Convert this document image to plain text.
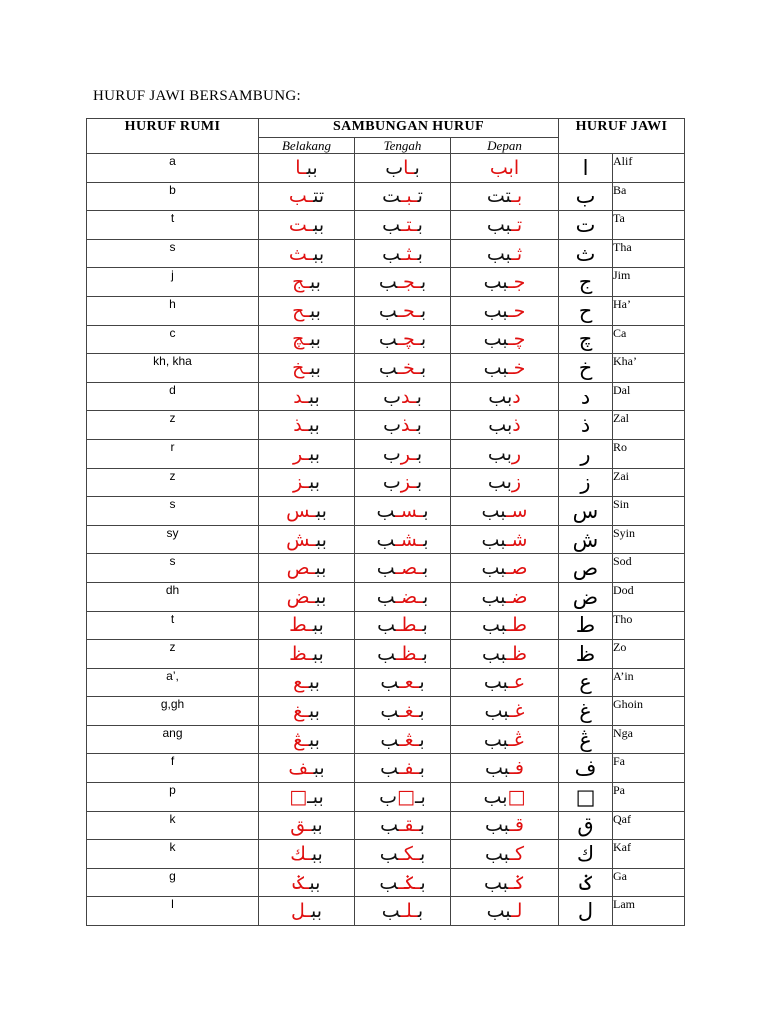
HURUF JAWI BERSAMBUNG:
HURUF RUMI	SAMBUNGAN HURUF			HURUF JAWI	
	Belakang	Tengah	Depan		
a	ببـا	بـاب	ابب	ا	Alif
b	تتـب	تـبـت	بـتت	ب	Ba
t	ببـت	بـتـب	تـبب	ت	Ta
s	ببـث	بـثـب	ثـبب	ث	Tha
j	ببـج	بـجـب	جـبب	ج	Jim
h	ببـح	بـحـب	حـبب	ح	Ha’
c	ببـچ	بـچـب	چـبب	چ	Ca
kh, kha	ببـخ	بـخـب	خـبب	خ	Kha’
d	ببـد	بـدب	دبب	د	Dal
z	ببـذ	بـذب	ذبب	ذ	Zal
r	ببـر	بـرب	ربب	ر	Ro
z	ببـز	بـزب	زبب	ز	Zai
s	ببـس	بـسـب	سـبب	س	Sin
sy	ببـش	بـشـب	شـبب	ش	Syin
s	ببـص	بـصـب	صـبب	ص	Sod
dh	ببـض	بـضـب	ضـبب	ض	Dod
t	ببـط	بـطـب	طـبب	ط	Tho
z	ببـظ	بـظـب	ظـبب	ظ	Zo
a’,	ببـع	بـعـب	عـبب	ع	A’in
g,gh	ببـغ	بـغـب	غـبب	غ	Ghoin
ang	ببـڠ	بـڠـب	ڠـبب	ڠ	Nga
f	ببـف	بـفـب	فـبب	ف	Fa
p	ببـ□	بـ□ب	□بب	□	Pa
k	ببـق	بـقـب	قـبب	ق	Qaf
k	ببـك	بـكـب	كـبب	ك	Kaf
g	ببـݢ	بـݢـب	ݢـبب	ݢ	Ga
l	ببـل	بـلـب	لـبب	ل	Lam
